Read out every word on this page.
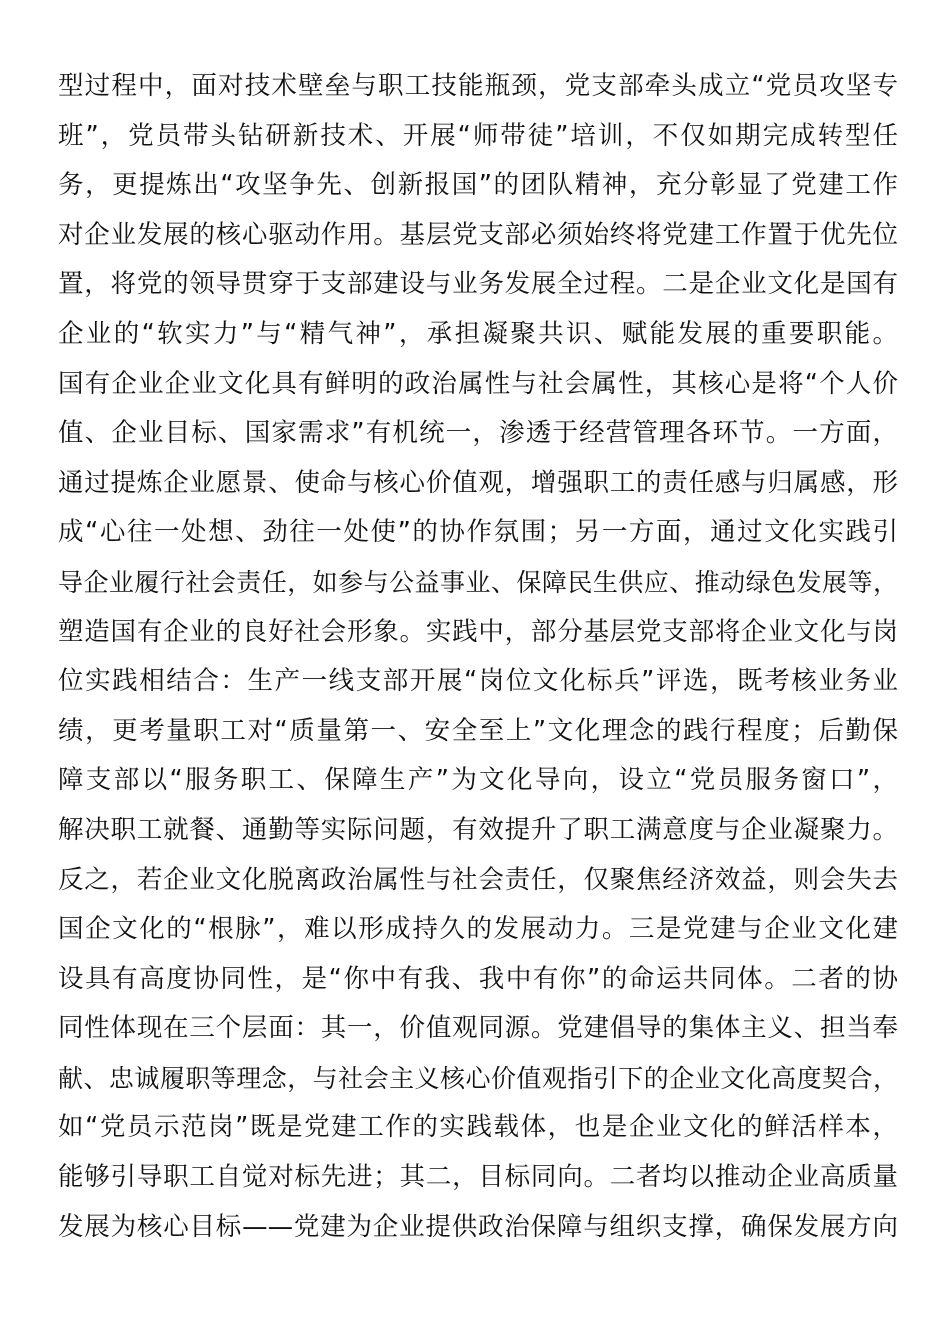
型过程中，面对技术壁垒与职工技能瓶颈，党支部牵头成立“党员攻坚专
班”，党员带头钻研新技术、开展“师带徒”培训，不仅如期完成转型任
务，更提炼出“攻坚争先、创新报国”的团队精神，充分彰显了党建工作
对企业发展的核心驱动作用。基层党支部必须始终将党建工作置于优先位
置，将党的领导贯穿于支部建设与业务发展全过程。二是企业文化是国有
企业的“软实力”与“精气神”，承担凝聚共识、赋能发展的重要职能。
国有企业企业文化具有鲜明的政治属性与社会属性，其核心是将“个人价
值、企业目标、国家需求”有机统一，渗透于经营管理各环节。一方面，
通过提炼企业愿景、使命与核心价值观，增强职工的责任感与归属感，形
成“心往一处想、劲往一处使”的协作氛围；另一方面，通过文化实践引
导企业履行社会责任，如参与公益事业、保障民生供应、推动绿色发展等，
塑造国有企业的良好社会形象。实践中，部分基层党支部将企业文化与岗
位实践相结合：生产一线支部开展“岗位文化标兵”评选，既考核业务业
绩，更考量职工对“质量第一、安全至上”文化理念的践行程度；后勤保
障支部以“服务职工、保障生产”为文化导向，设立“党员服务窗口”，
解决职工就餐、通勤等实际问题，有效提升了职工满意度与企业凝聚力。
反之，若企业文化脱离政治属性与社会责任，仅聚焦经济效益，则会失去
国企文化的“根脉”，难以形成持久的发展动力。三是党建与企业文化建
设具有高度协同性，是“你中有我、我中有你”的命运共同体。二者的协
同性体现在三个层面：其一，价值观同源。党建倡导的集体主义、担当奉
献、忠诚履职等理念，与社会主义核心价值观指引下的企业文化高度契合，
如“党员示范岗”既是党建工作的实践载体，也是企业文化的鲜活样本，
能够引导职工自觉对标先进；其二，目标同向。二者均以推动企业高质量
发展为核心目标——党建为企业提供政治保障与组织支撑，确保发展方向
